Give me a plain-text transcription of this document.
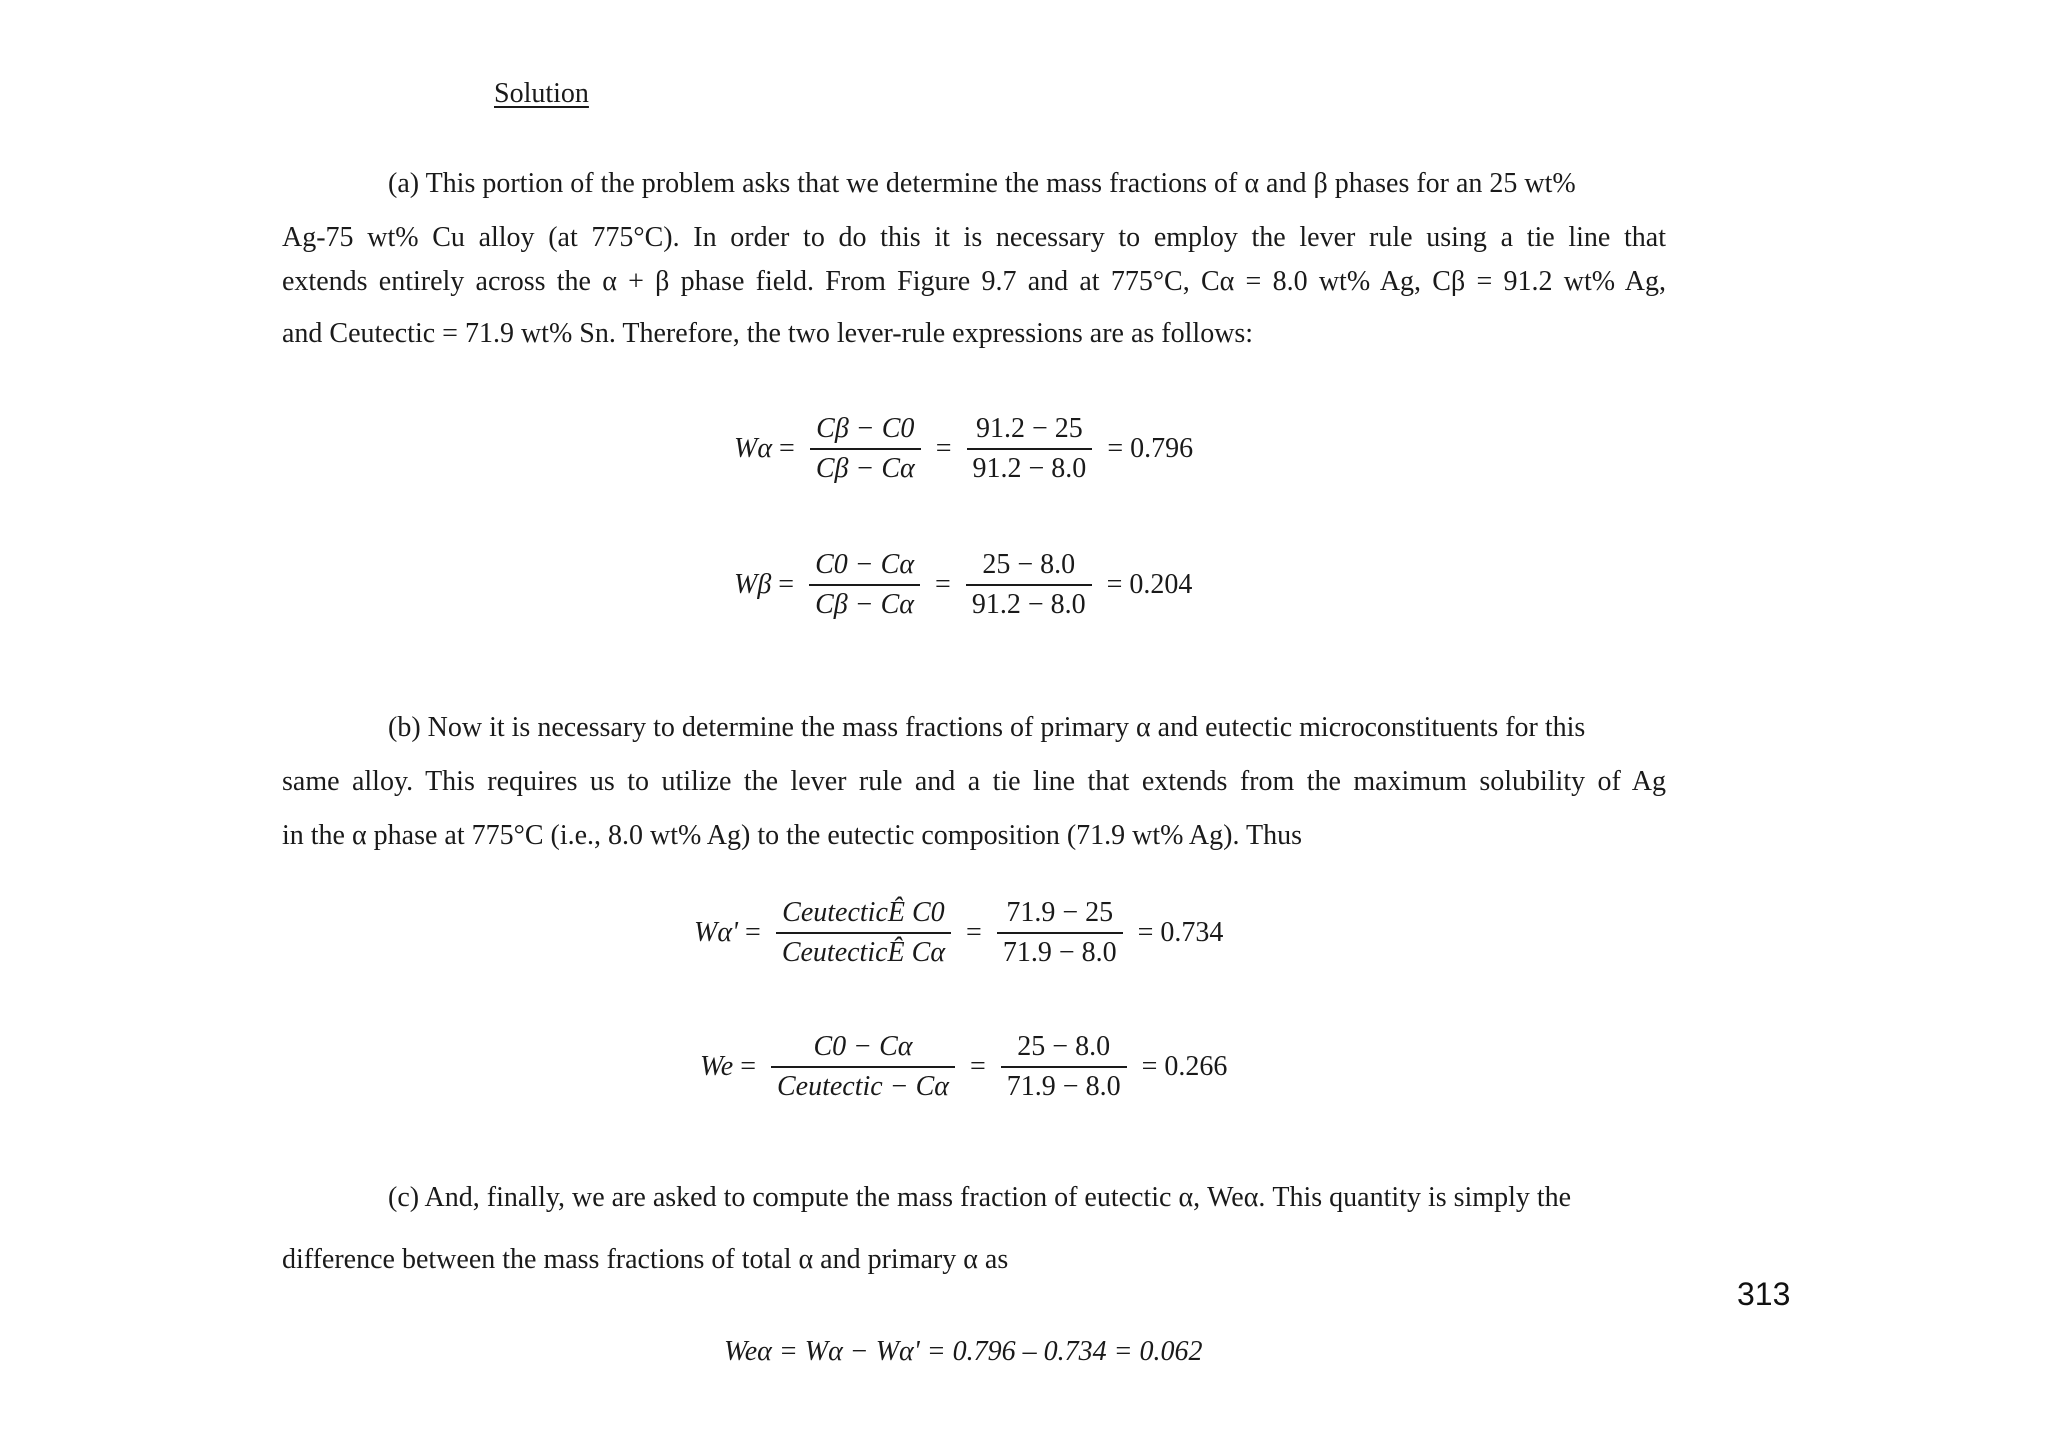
Solution
(a) This portion of the problem asks that we determine the mass fractions of α and β phases for an 25 wt%
Ag-75 wt% Cu alloy (at 775°C). In order to do this it is necessary to employ the lever rule using a tie line that
extends entirely across the α + β phase field. From Figure 9.7 and at 775°C, Cα = 8.0 wt% Ag, Cβ = 91.2 wt% Ag,
and Ceutectic = 71.9 wt% Sn. Therefore, the two lever-rule expressions are as follows:
$W\alpha = \frac{C\beta - C0}{C\beta - C\alpha} = \frac{91.2 - 25}{91.2 - 8.0} = 0.796$
$W\beta = \frac{C0 - C\alpha}{C\beta - C\alpha} = \frac{25 - 8.0}{91.2 - 8.0} = 0.204$
(b) Now it is necessary to determine the mass fractions of primary α and eutectic microconstituents for this
same alloy. This requires us to utilize the lever rule and a tie line that extends from the maximum solubility of Ag
in the α phase at 775°C (i.e., 8.0 wt% Ag) to the eutectic composition (71.9 wt% Ag). Thus
$W\alpha' = \frac{\text{CeutecticÊ C0}}{\text{CeutecticÊ Cα}} = \frac{71.9 - 25}{71.9 - 8.0} = 0.734$
$We = \frac{C0 - C\alpha}{\text{Ceutectic − Cα}} = \frac{25 - 8.0}{71.9 - 8.0} = 0.266$
(c) And, finally, we are asked to compute the mass fraction of eutectic α, Weα. This quantity is simply the
difference between the mass fractions of total α and primary α as
313
Weα = Wα − Wα' = 0.796 – 0.734 = 0.062
